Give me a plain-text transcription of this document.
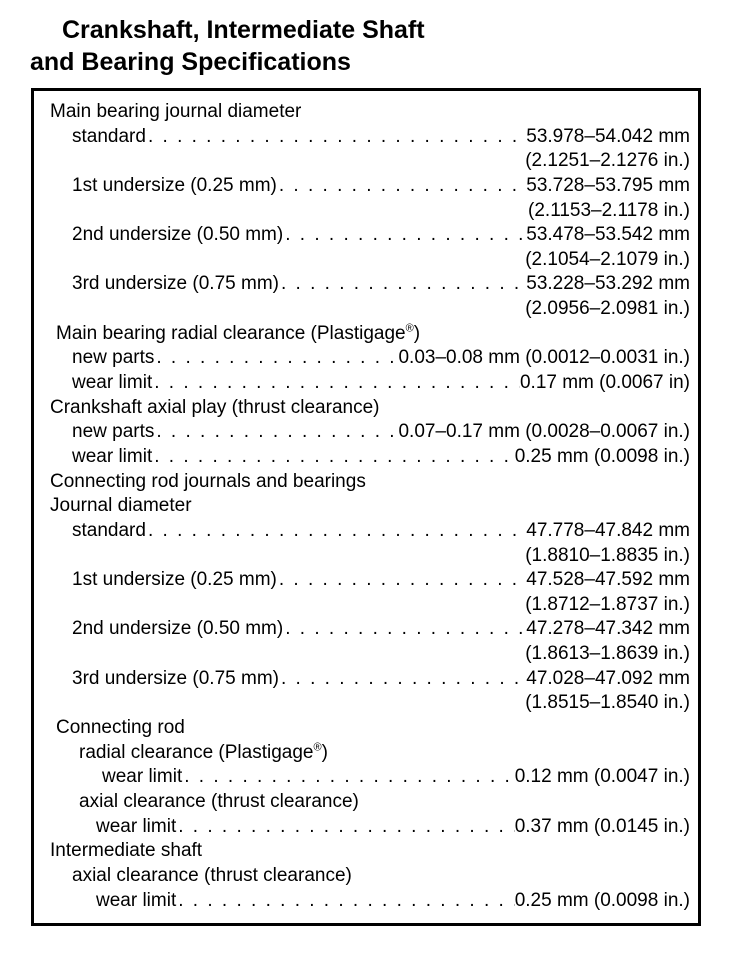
Crankshaft, Intermediate Shaft
and Bearing Specifications
Main bearing journal diameter
standard . . .	53.978–54.042 mm
(2.1251–2.1276 in.)
1st undersize (0.25 mm) . . .	53.728–53.795 mm
(2.1153–2.1178 in.)
2nd undersize (0.50 mm) . . .	53.478–53.542 mm
(2.1054–2.1079 in.)
3rd undersize (0.75 mm) . . .	53.228–53.292 mm
(2.0956–2.0981 in.)
Main bearing radial clearance (Plastigage®)
new parts . . .	0.03–0.08 mm (0.0012–0.0031 in.)
wear limit . . .	0.17 mm (0.0067 in)
Crankshaft axial play (thrust clearance)
new parts . . .	0.07–0.17 mm (0.0028–0.0067 in.)
wear limit . . .	0.25 mm (0.0098 in.)
Connecting rod journals and bearings
Journal diameter
standard . . .	47.778–47.842 mm
(1.8810–1.8835 in.)
1st undersize (0.25 mm) . . .	47.528–47.592 mm
(1.8712–1.8737 in.)
2nd undersize (0.50 mm) . . .	47.278–47.342 mm
(1.8613–1.8639 in.)
3rd undersize (0.75 mm) . . .	47.028–47.092 mm
(1.8515–1.8540 in.)
Connecting rod
radial clearance (Plastigage®)
wear limit . . .	0.12 mm (0.0047 in.)
axial clearance (thrust clearance)
wear limit . . .	0.37 mm (0.0145 in.)
Intermediate shaft
axial clearance (thrust clearance)
wear limit . . .	0.25 mm (0.0098 in.)
